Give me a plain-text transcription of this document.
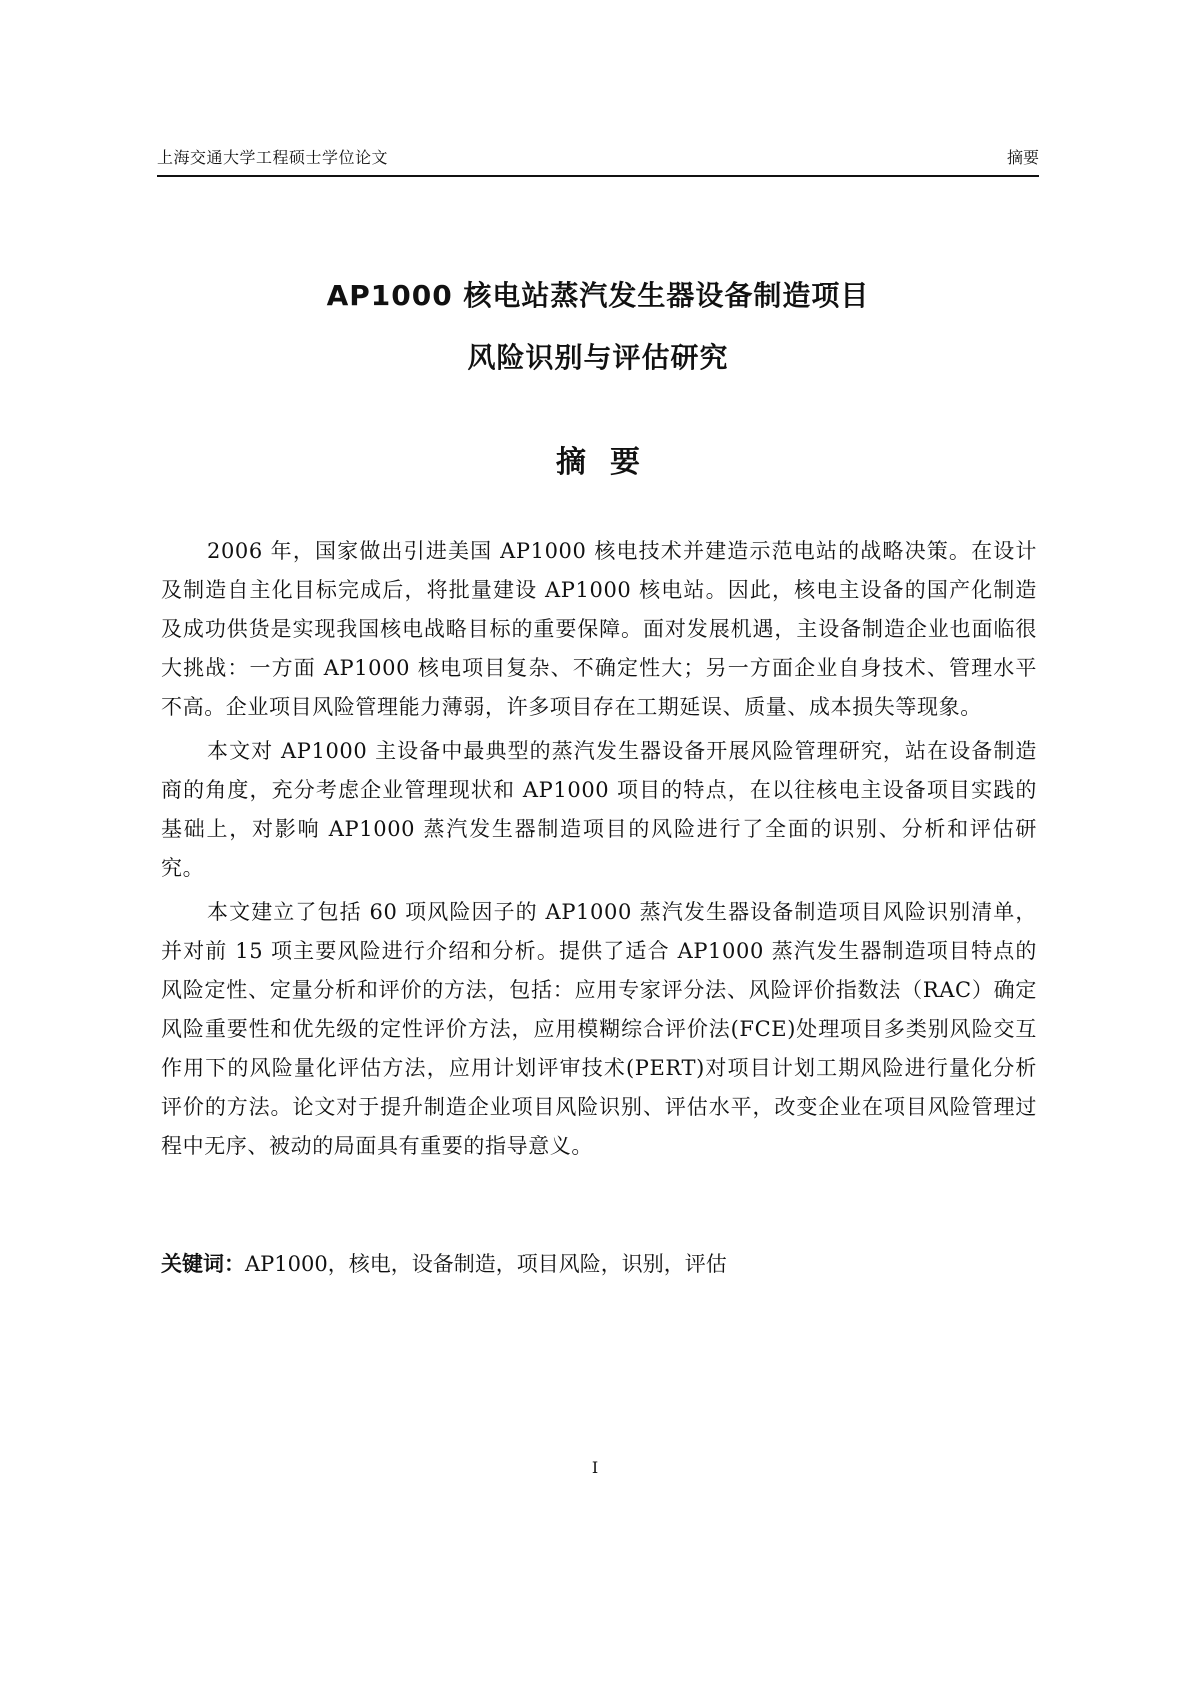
上海交通大学工程硕士学位论文	摘要
AP1000 核电站蒸汽发生器设备制造项目
风险识别与评估研究
摘要

2006 年，国家做出引进美国 AP1000 核电技术并建造示范电站的战略决策。在设计及制造自主化目标完成后，将批量建设 AP1000 核电站。因此，核电主设备的国产化制造及成功供货是实现我国核电战略目标的重要保障。面对发展机遇，主设备制造企业也面临很大挑战：一方面 AP1000 核电项目复杂、不确定性大；另一方面企业自身技术、管理水平不高。企业项目风险管理能力薄弱，许多项目存在工期延误、质量、成本损失等现象。

本文对 AP1000 主设备中最典型的蒸汽发生器设备开展风险管理研究，站在设备制造商的角度，充分考虑企业管理现状和 AP1000 项目的特点，在以往核电主设备项目实践的基础上，对影响 AP1000 蒸汽发生器制造项目的风险进行了全面的识别、分析和评估研究。

本文建立了包括 60 项风险因子的 AP1000 蒸汽发生器设备制造项目风险识别清单，并对前 15 项主要风险进行介绍和分析。提供了适合 AP1000 蒸汽发生器制造项目特点的风险定性、定量分析和评价的方法，包括：应用专家评分法、风险评价指数法（RAC）确定风险重要性和优先级的定性评价方法，应用模糊综合评价法(FCE)处理项目多类别风险交互作用下的风险量化评估方法，应用计划评审技术(PERT)对项目计划工期风险进行量化分析评价的方法。论文对于提升制造企业项目风险识别、评估水平，改变企业在项目风险管理过程中无序、被动的局面具有重要的指导意义。

关键词：AP1000，核电，设备制造，项目风险，识别，评估
I
